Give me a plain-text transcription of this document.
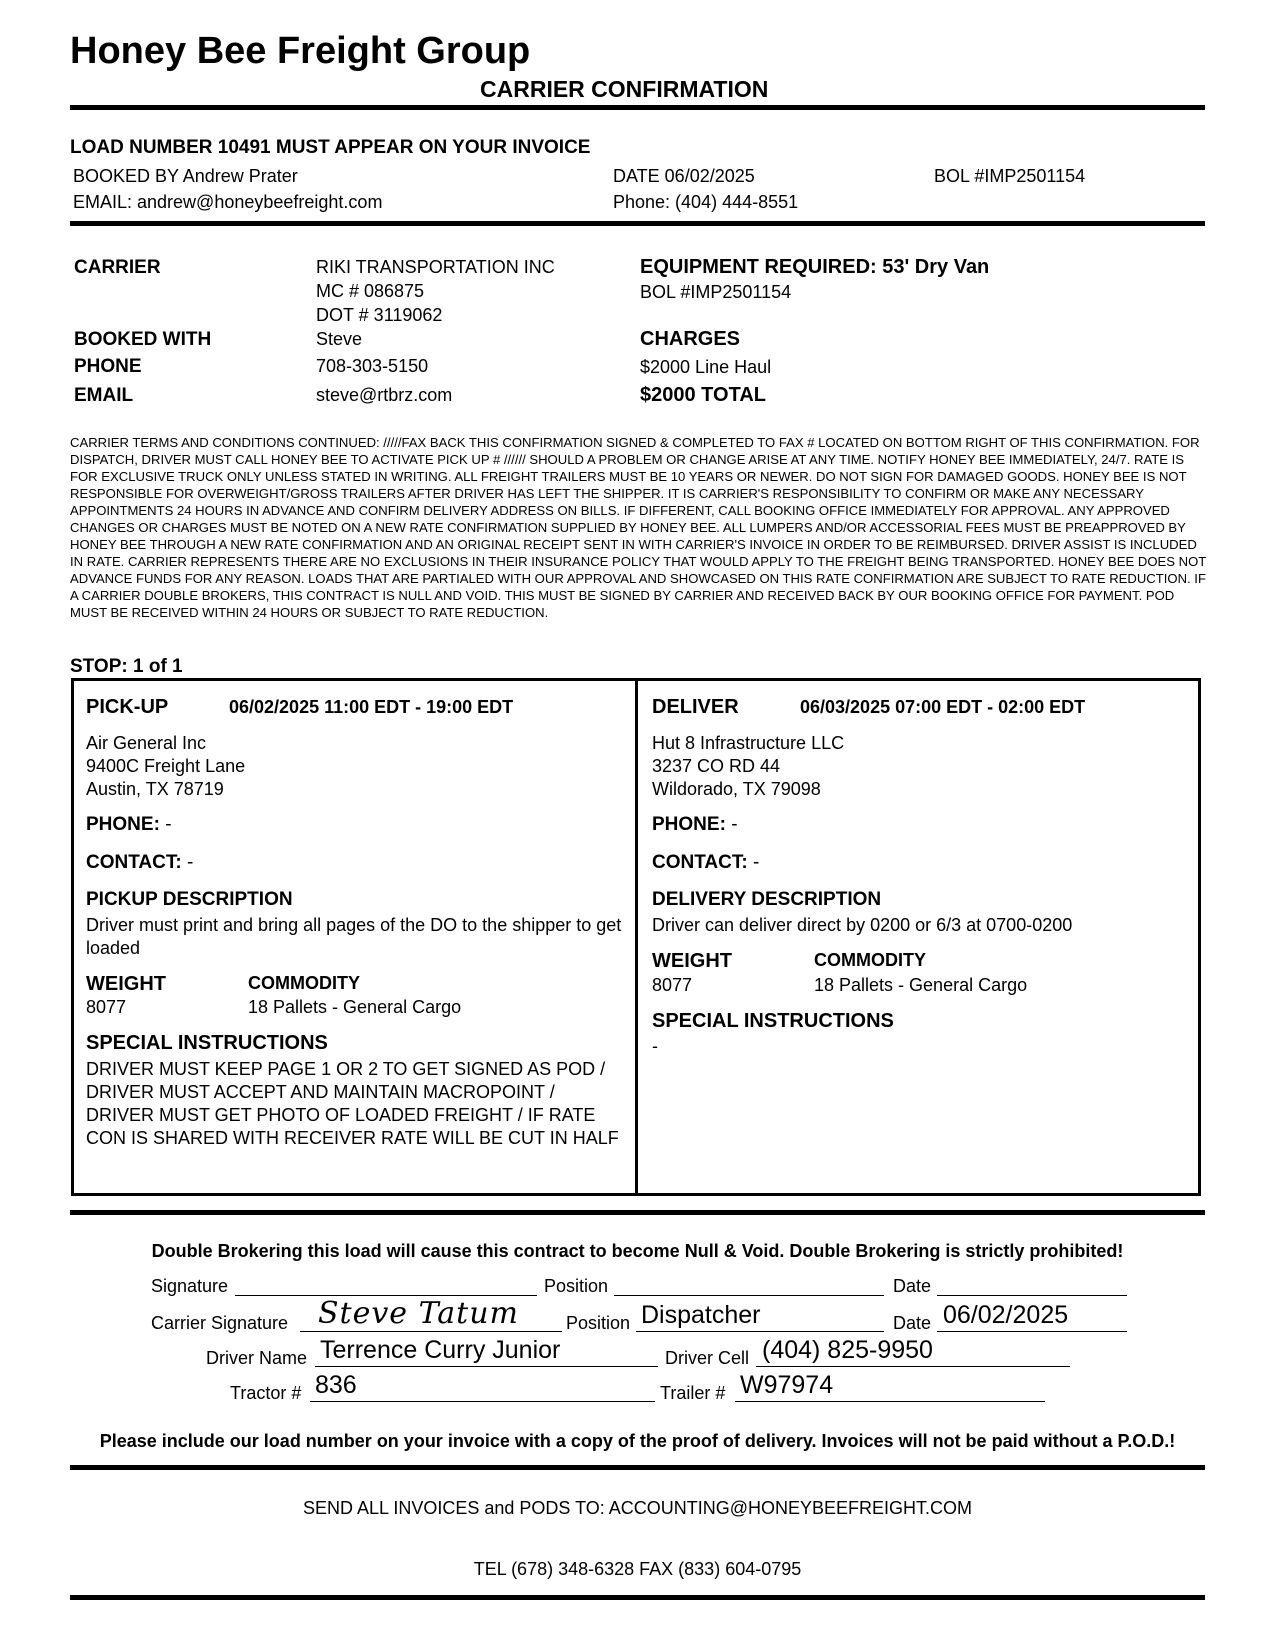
Honey Bee Freight Group
CARRIER CONFIRMATION
LOAD NUMBER 10491 MUST APPEAR ON YOUR INVOICE
BOOKED BY Andrew Prater
EMAIL: andrew@honeybeefreight.com
DATE 06/02/2025
Phone: (404) 444-8551
BOL #IMP2501154
CARRIER	RIKI TRANSPORTATION INC
MC # 086875
DOT # 3119062
BOOKED WITH	Steve
PHONE	708-303-5150
EMAIL	steve@rtbrz.com
EQUIPMENT REQUIRED: 53' Dry Van
BOL #IMP2501154
CHARGES
$2000 Line Haul
$2000 TOTAL
CARRIER TERMS AND CONDITIONS CONTINUED: /////FAX BACK THIS CONFIRMATION SIGNED & COMPLETED TO FAX # LOCATED ON BOTTOM RIGHT OF THIS CONFIRMATION. FOR DISPATCH, DRIVER MUST CALL HONEY BEE TO ACTIVATE PICK UP # ////// SHOULD A PROBLEM OR CHANGE ARISE AT ANY TIME. NOTIFY HONEY BEE IMMEDIATELY, 24/7. RATE IS FOR EXCLUSIVE TRUCK ONLY UNLESS STATED IN WRITING. ALL FREIGHT TRAILERS MUST BE 10 YEARS OR NEWER. DO NOT SIGN FOR DAMAGED GOODS. HONEY BEE IS NOT RESPONSIBLE FOR OVERWEIGHT/GROSS TRAILERS AFTER DRIVER HAS LEFT THE SHIPPER. IT IS CARRIER'S RESPONSIBILITY TO CONFIRM OR MAKE ANY NECESSARY APPOINTMENTS 24 HOURS IN ADVANCE AND CONFIRM DELIVERY ADDRESS ON BILLS. IF DIFFERENT, CALL BOOKING OFFICE IMMEDIATELY FOR APPROVAL. ANY APPROVED CHANGES OR CHARGES MUST BE NOTED ON A NEW RATE CONFIRMATION SUPPLIED BY HONEY BEE. ALL LUMPERS AND/OR ACCESSORIAL FEES MUST BE PREAPPROVED BY HONEY BEE THROUGH A NEW RATE CONFIRMATION AND AN ORIGINAL RECEIPT SENT IN WITH CARRIER'S INVOICE IN ORDER TO BE REIMBURSED. DRIVER ASSIST IS INCLUDED IN RATE. CARRIER REPRESENTS THERE ARE NO EXCLUSIONS IN THEIR INSURANCE POLICY THAT WOULD APPLY TO THE FREIGHT BEING TRANSPORTED. HONEY BEE DOES NOT ADVANCE FUNDS FOR ANY REASON. LOADS THAT ARE PARTIALED WITH OUR APPROVAL AND SHOWCASED ON THIS RATE CONFIRMATION ARE SUBJECT TO RATE REDUCTION. IF A CARRIER DOUBLE BROKERS, THIS CONTRACT IS NULL AND VOID. THIS MUST BE SIGNED BY CARRIER AND RECEIVED BACK BY OUR BOOKING OFFICE FOR PAYMENT. POD MUST BE RECEIVED WITHIN 24 HOURS OR SUBJECT TO RATE REDUCTION.
STOP: 1 of 1
PICK-UP	06/02/2025 11:00 EDT - 19:00 EDT
Air General Inc
9400C Freight Lane
Austin, TX 78719
PHONE: -
CONTACT: -
PICKUP DESCRIPTION
Driver must print and bring all pages of the DO to the shipper to get loaded
WEIGHT	COMMODITY
8077	18 Pallets - General Cargo
SPECIAL INSTRUCTIONS
DRIVER MUST KEEP PAGE 1 OR 2 TO GET SIGNED AS POD / DRIVER MUST ACCEPT AND MAINTAIN MACROPOINT / DRIVER MUST GET PHOTO OF LOADED FREIGHT / IF RATE CON IS SHARED WITH RECEIVER RATE WILL BE CUT IN HALF
DELIVER	06/03/2025 07:00 EDT - 02:00 EDT
Hut 8 Infrastructure LLC
3237 CO RD 44
Wildorado, TX 79098
PHONE: -
CONTACT: -
DELIVERY DESCRIPTION
Driver can deliver direct by 0200 or 6/3 at 0700-0200
WEIGHT	COMMODITY
8077	18 Pallets - General Cargo
SPECIAL INSTRUCTIONS
-
Double Brokering this load will cause this contract to become Null & Void. Double Brokering is strictly prohibited!
Signature	Position	Date
Carrier Signature Steve Tatum	Position Dispatcher	Date 06/02/2025
Driver Name Terrence Curry Junior	Driver Cell (404) 825-9950
Tractor # 836	Trailer # W97974
Please include our load number on your invoice with a copy of the proof of delivery. Invoices will not be paid without a P.O.D.!
SEND ALL INVOICES and PODS TO: ACCOUNTING@HONEYBEEFREIGHT.COM
TEL (678) 348-6328 FAX (833) 604-0795
